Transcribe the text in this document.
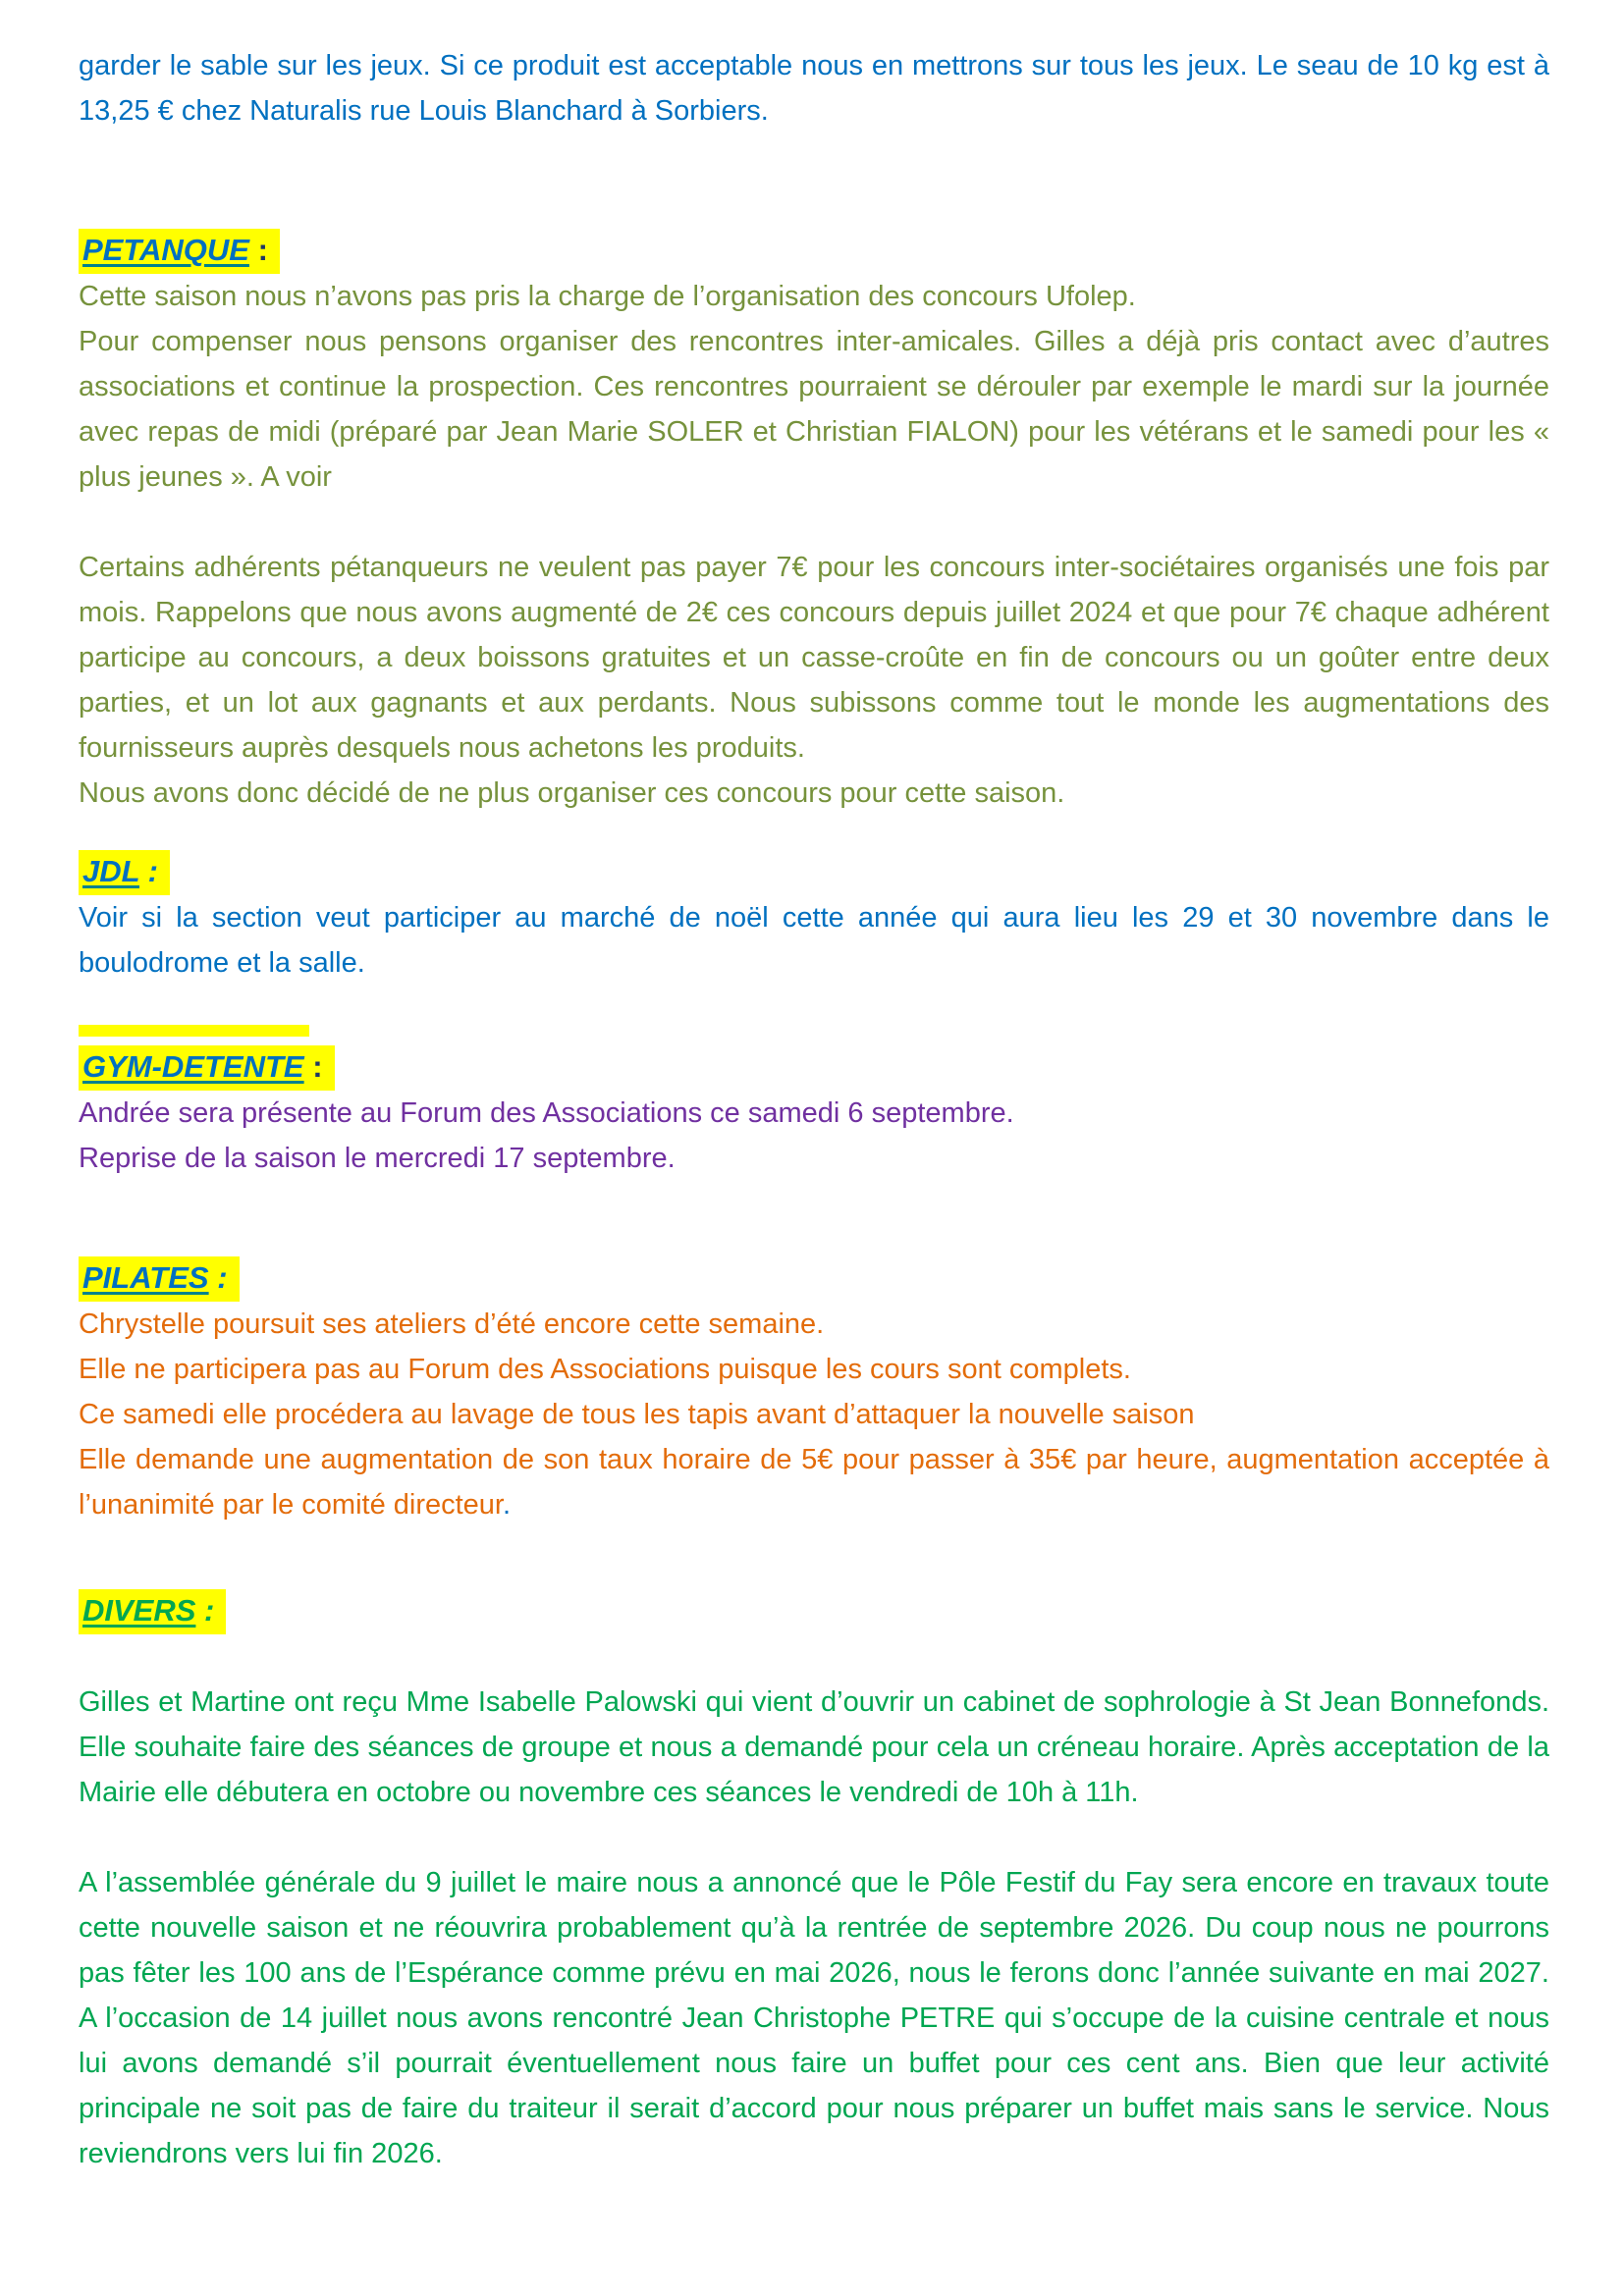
garder le sable sur les jeux. Si ce produit est acceptable nous en mettrons sur tous les jeux. Le seau de 10 kg est à 13,25 € chez Naturalis rue Louis Blanchard à Sorbiers.

PETANQUE :

Cette saison nous n’avons pas pris la charge de l’organisation des concours Ufolep.

Pour compenser nous pensons organiser des rencontres inter-amicales. Gilles a déjà pris contact avec d’autres associations et continue la prospection. Ces rencontres pourraient se dérouler par exemple le mardi sur la journée avec repas de midi (préparé par Jean Marie SOLER et Christian FIALON) pour les vétérans et le samedi pour les « plus jeunes ». A voir

Certains adhérents pétanqueurs ne veulent pas payer 7€ pour les concours inter-sociétaires organisés une fois par mois. Rappelons que nous avons augmenté de 2€ ces concours depuis juillet 2024 et que pour 7€ chaque adhérent participe au concours, a deux boissons gratuites et un casse-croûte en fin de concours ou un goûter entre deux parties, et un lot aux gagnants et aux perdants. Nous subissons comme tout le monde les augmentations des fournisseurs auprès desquels nous achetons les produits.

Nous avons donc décidé de ne plus organiser ces concours pour cette saison.

JDL :

Voir si la section veut participer au marché de noël cette année qui aura lieu les 29 et 30 novembre dans le boulodrome et la salle.

GYM-DETENTE :

Andrée sera présente au Forum des Associations ce samedi 6 septembre.

Reprise de la saison le mercredi 17 septembre.

PILATES :

Chrystelle poursuit ses ateliers d’été encore cette semaine.

Elle ne participera pas au Forum des Associations puisque les cours sont complets.

Ce samedi elle procédera au lavage de tous les tapis avant d’attaquer la nouvelle saison

Elle demande une augmentation de son taux horaire de 5€ pour passer à 35€ par heure, augmentation acceptée à l’unanimité par le comité directeur.

DIVERS :

Gilles et Martine ont reçu Mme Isabelle Palowski qui vient d’ouvrir un cabinet de sophrologie à St Jean Bonnefonds. Elle souhaite faire des séances de groupe et nous a demandé pour cela un créneau horaire. Après acceptation de la Mairie elle débutera en octobre ou novembre ces séances le vendredi de 10h à 11h.

A l’assemblée générale du 9 juillet le maire nous a annoncé que le Pôle Festif du Fay sera encore en travaux toute cette nouvelle saison et ne réouvrira probablement qu’à la rentrée de septembre 2026. Du coup nous ne pourrons pas fêter les 100 ans de l’Espérance comme prévu en mai 2026, nous le ferons donc l’année suivante en mai 2027. A l’occasion de 14 juillet nous avons rencontré Jean Christophe PETRE qui s’occupe de la cuisine centrale et nous lui avons demandé s’il pourrait éventuellement nous faire un buffet pour ces cent ans. Bien que leur activité principale ne soit pas de faire du traiteur il serait d’accord pour nous préparer un buffet mais sans le service. Nous reviendrons vers lui fin 2026.
